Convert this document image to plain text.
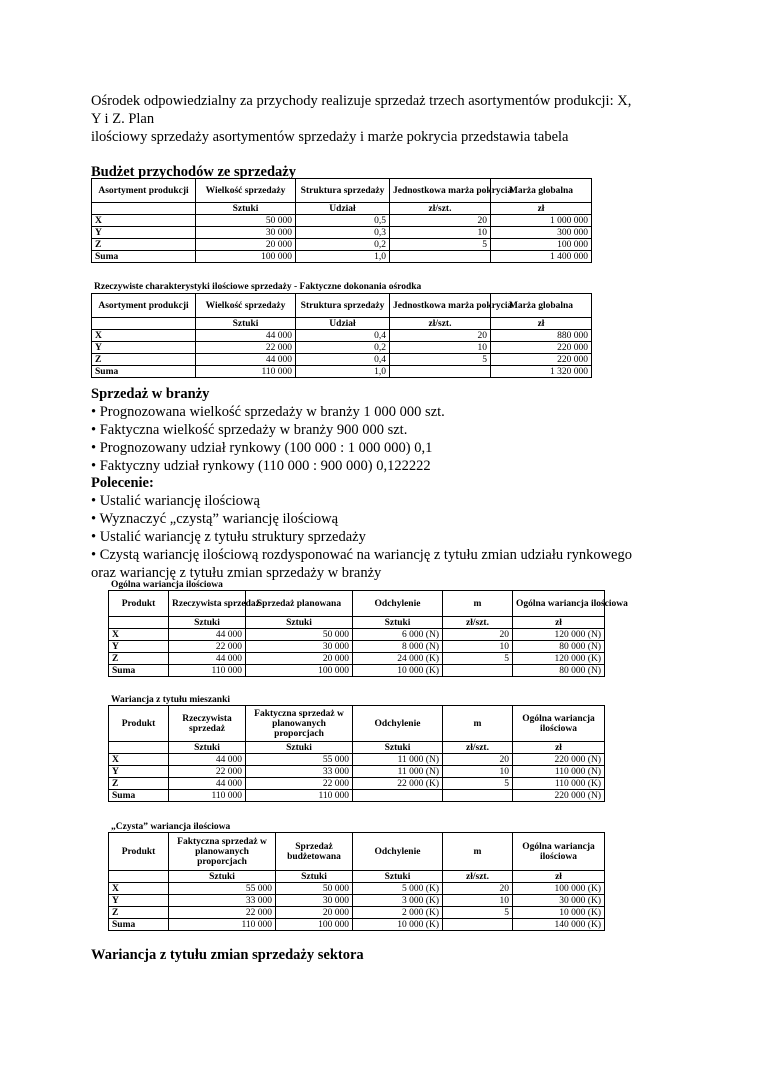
Ośrodek odpowiedzialny za przychody realizuje sprzedaż trzech asortymentów produkcji: X,
Y i Z. Plan
ilościowy sprzedaży asortymentów sprzedaży i marże pokrycia przedstawia tabela
Budżet przychodów ze sprzedaży
Asortyment produkcji	Wielkość sprzedaży	Struktura sprzedaży	Jednostkowa marża pokrycia	Marża globalna
	Sztuki	Udział	zł/szt.	zł
X	50 000	0,5	20	1 000 000
Y	30 000	0,3	10	300 000
Z	20 000	0,2	5	100 000
Suma	100 000	1,0		1 400 000
Rzeczywiste charakterystyki ilościowe sprzedaży - Faktyczne dokonania ośrodka
Asortyment produkcji	Wielkość sprzedaży	Struktura sprzedaży	Jednostkowa marża pokrycia	Marża globalna
	Sztuki	Udział	zł/szt.	zł
X	44 000	0,4	20	880 000
Y	22 000	0,2	10	220 000
Z	44 000	0,4	5	220 000
Suma	110 000	1,0		1 320 000
Sprzedaż w branży
• Prognozowana wielkość sprzedaży w branży 1 000 000 szt.
• Faktyczna wielkość sprzedaży w branży 900 000 szt.
• Prognozowany udział rynkowy (100 000 : 1 000 000) 0,1
• Faktyczny udział rynkowy (110 000 : 900 000) 0,122222
Polecenie:
• Ustalić wariancję ilościową
• Wyznaczyć „czystą” wariancję ilościową
• Ustalić wariancję z tytułu struktury sprzedaży
• Czystą wariancję ilościową rozdysponować na wariancję z tytułu zmian udziału rynkowego
oraz wariancję z tytułu zmian sprzedaży w branży
Ogólna wariancja ilościowa
Produkt	Rzeczywista sprzedaż	Sprzedaż planowana	Odchylenie	m	Ogólna wariancja ilościowa
	Sztuki	Sztuki	Sztuki	zł/szt.	zł
X	44 000	50 000	6 000 (N)	20	120 000 (N)
Y	22 000	30 000	8 000 (N)	10	80 000 (N)
Z	44 000	20 000	24 000 (K)	5	120 000 (K)
Suma	110 000	100 000	10 000 (K)		80 000 (N)
Wariancja z tytułu mieszanki
Produkt	Rzeczywista sprzedaż	Faktyczna sprzedaż w planowanych proporcjach	Odchylenie	m	Ogólna wariancja ilościowa
	Sztuki	Sztuki	Sztuki	zł/szt.	zł
X	44 000	55 000	11 000 (N)	20	220 000 (N)
Y	22 000	33 000	11 000 (N)	10	110 000 (N)
Z	44 000	22 000	22 000 (K)	5	110 000 (K)
Suma	110 000	110 000			220 000 (N)
„Czysta” wariancja ilościowa
Produkt	Faktyczna sprzedaż w planowanych proporcjach	Sprzedaż budżetowana	Odchylenie	m	Ogólna wariancja ilościowa
	Sztuki	Sztuki	Sztuki	zł/szt.	zł
X	55 000	50 000	5 000 (K)	20	100 000 (K)
Y	33 000	30 000	3 000 (K)	10	30 000 (K)
Z	22 000	20 000	2 000 (K)	5	10 000 (K)
Suma	110 000	100 000	10 000 (K)		140 000 (K)
Wariancja z tytułu zmian sprzedaży sektora
